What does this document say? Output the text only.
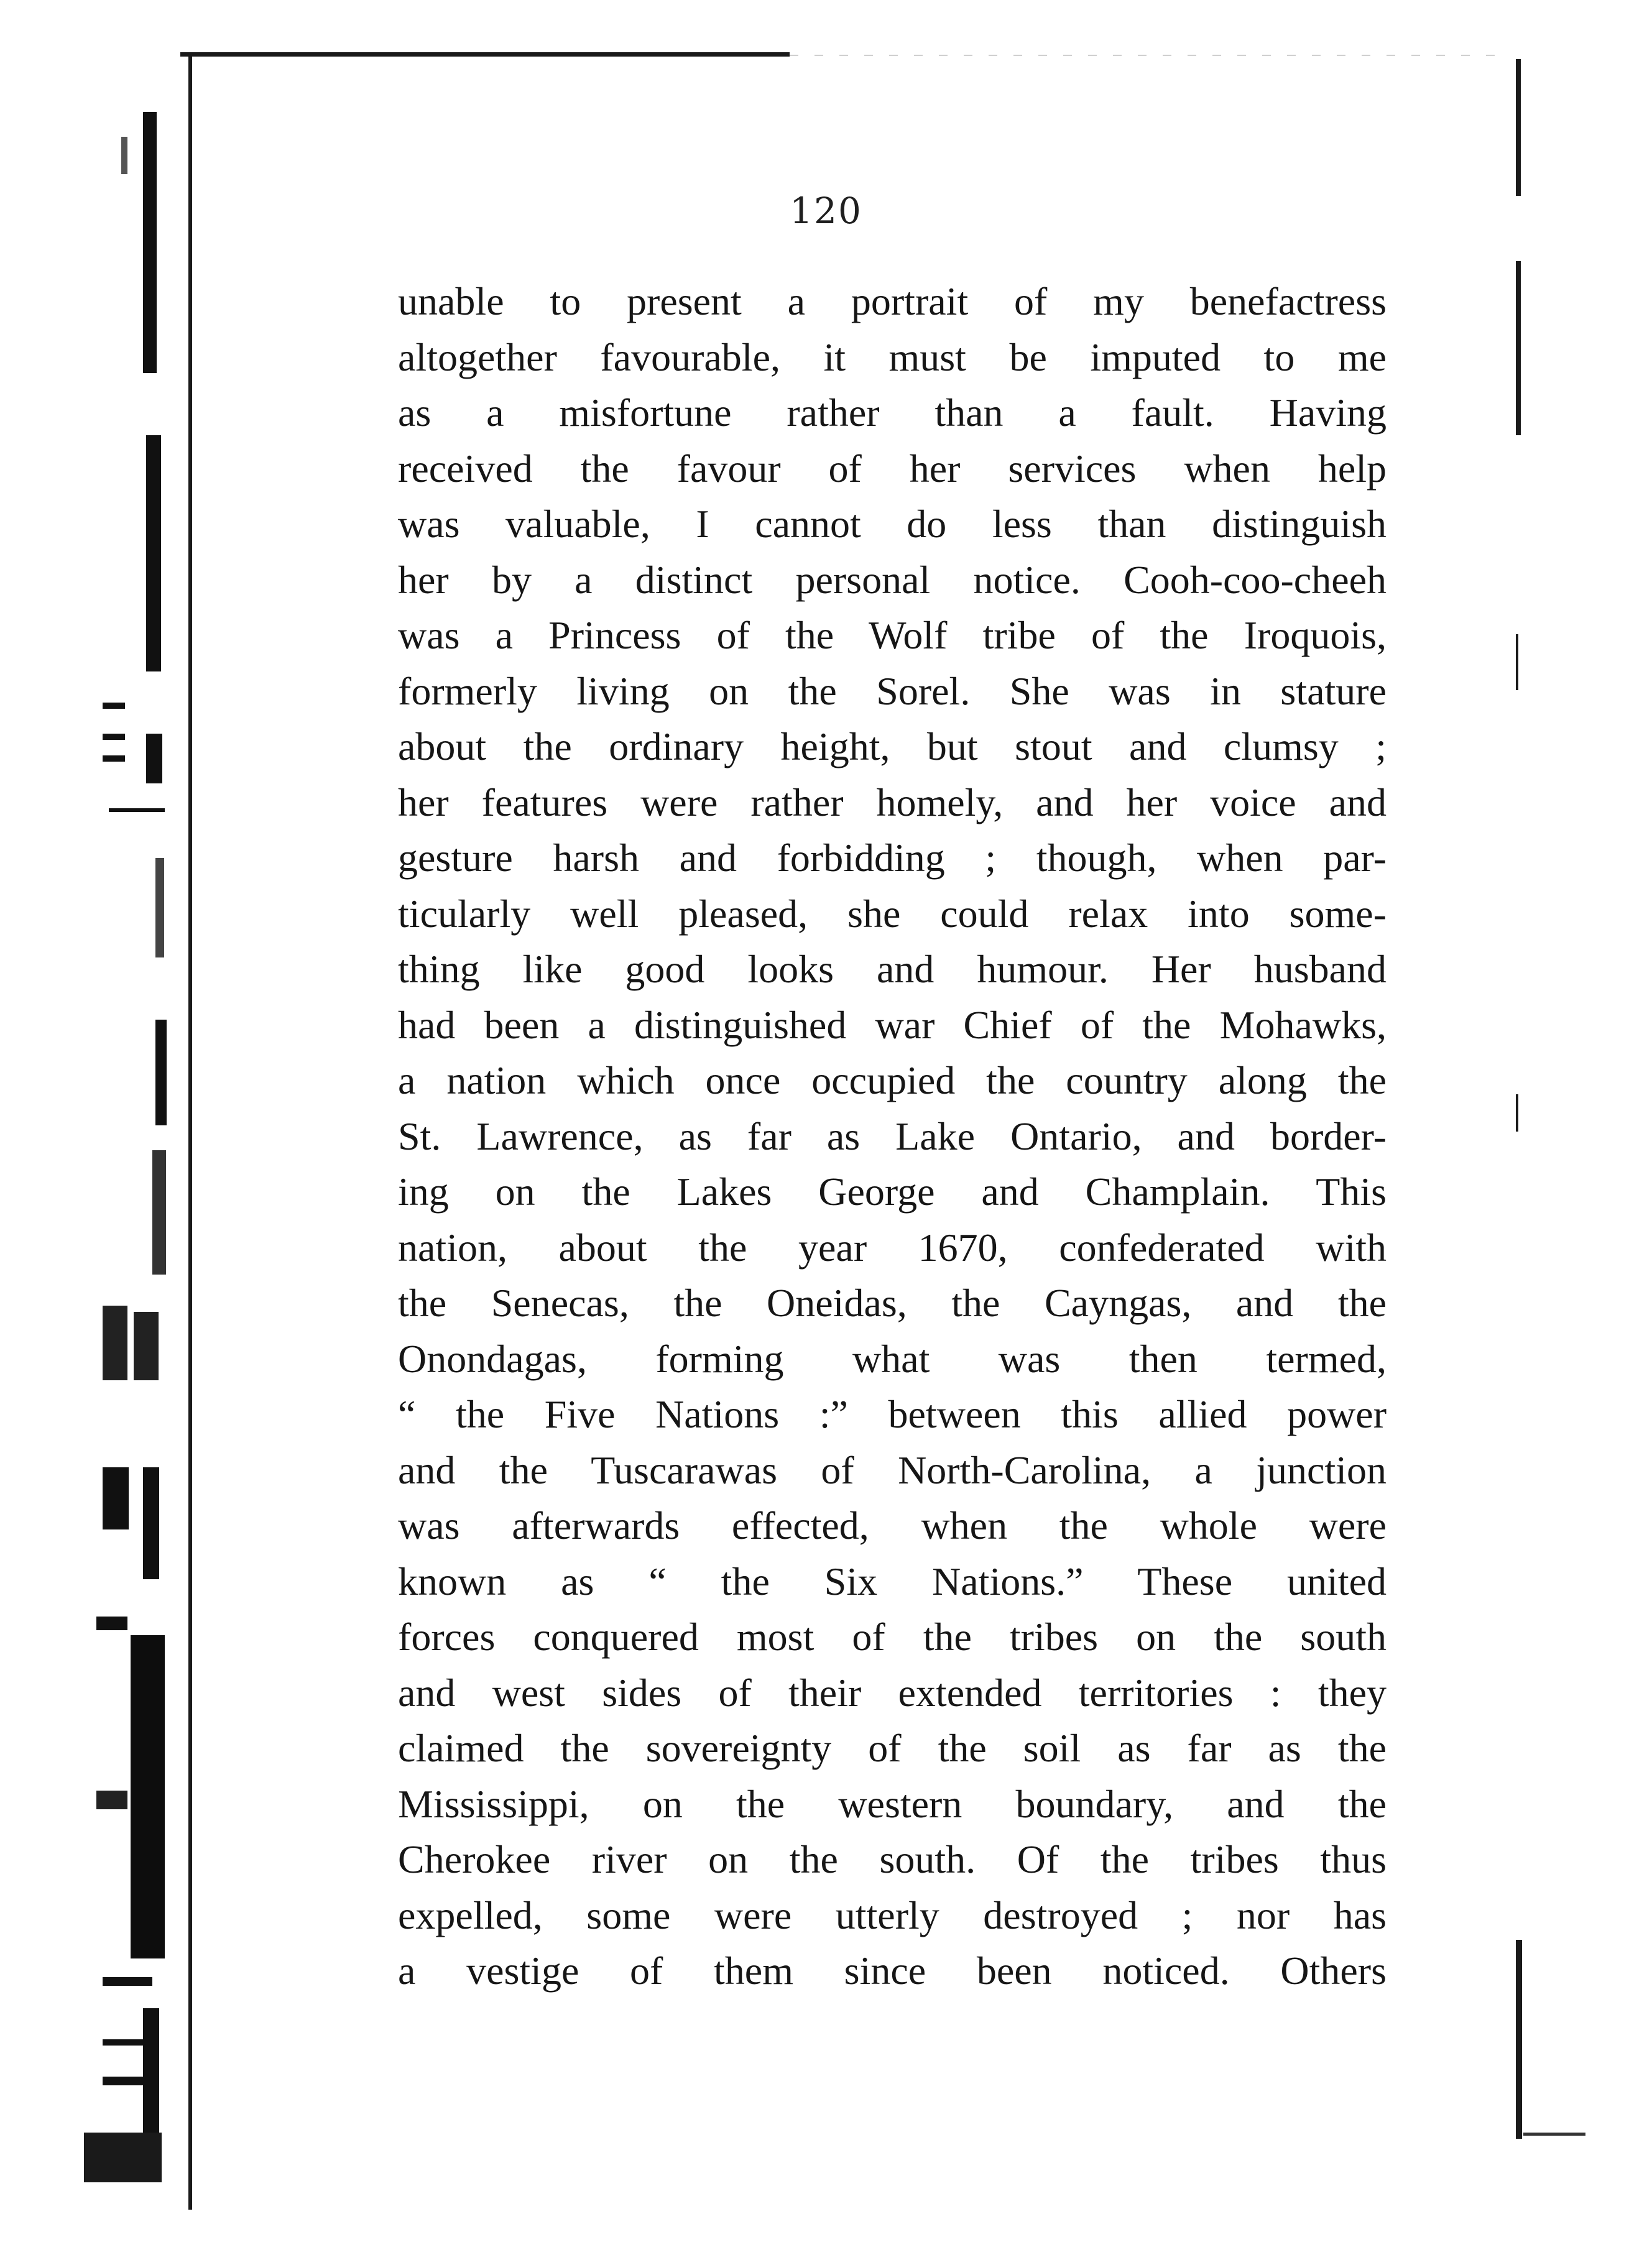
120
unable to present a portrait of my benefactress
altogether favourable, it must be imputed to me
as a misfortune rather than a fault. Having
received the favour of her services when help
was valuable, I cannot do less than distinguish
her by a distinct personal notice. Cooh-coo-cheeh
was a Princess of the Wolf tribe of the Iroquois,
formerly living on the Sorel. She was in stature
about the ordinary height, but stout and clumsy ;
her features were rather homely, and her voice and
gesture harsh and forbidding ; though, when par-
ticularly well pleased, she could relax into some-
thing like good looks and humour. Her husband
had been a distinguished war Chief of the Mohawks,
a nation which once occupied the country along the
St. Lawrence, as far as Lake Ontario, and border-
ing on the Lakes George and Champlain. This
nation, about the year 1670, confederated with
the Senecas, the Oneidas, the Cayngas, and the
Onondagas, forming what was then termed,
“ the Five Nations :” between this allied power
and the Tuscarawas of North-Carolina, a junction
was afterwards effected, when the whole were
known as “ the Six Nations.” These united
forces conquered most of the tribes on the south
and west sides of their extended territories : they
claimed the sovereignty of the soil as far as the
Mississippi, on the western boundary, and the
Cherokee river on the south. Of the tribes thus
expelled, some were utterly destroyed ; nor has
a vestige of them since been noticed. Others
